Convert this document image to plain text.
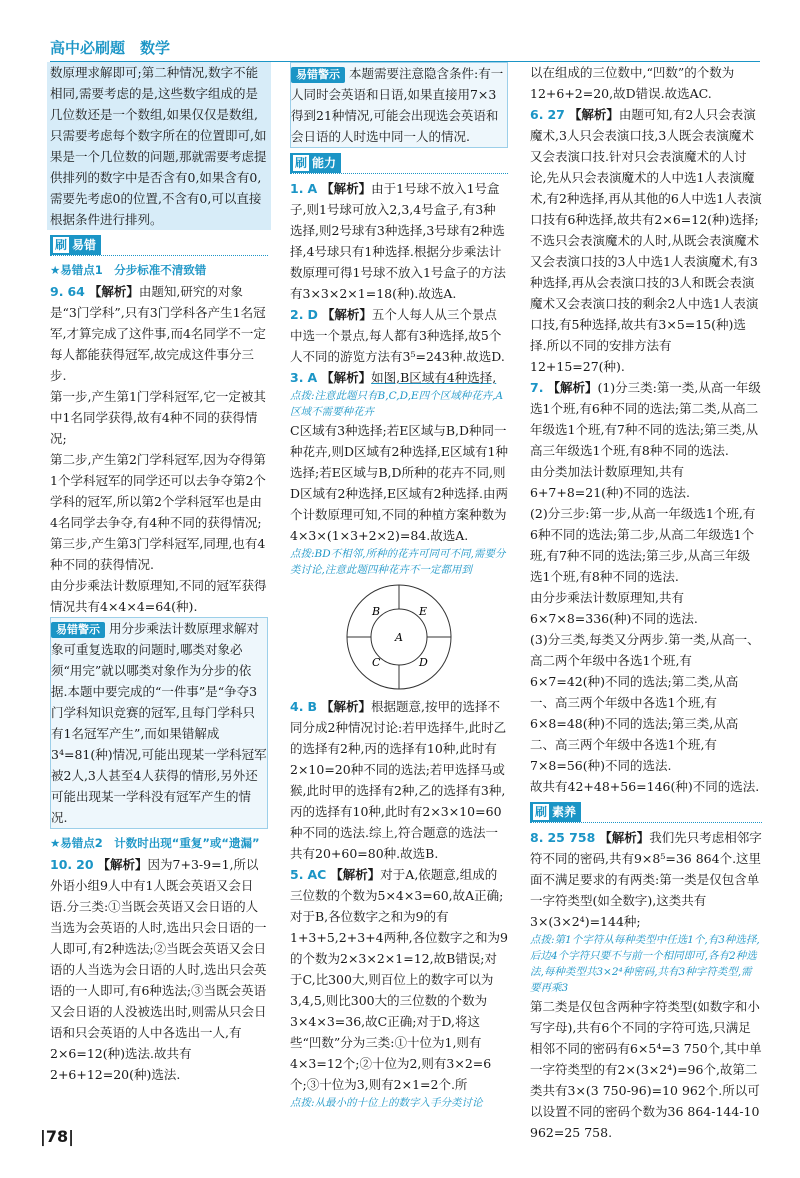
高中必刷题　数学

数原理求解即可;第二种情况,数字不能相同,需要考虑的是,这些数字组成的是几位数还是一个数组,如果仅仅是数组,只需要考虑每个数字所在的位置即可,如果是一个几位数的问题,那就需要考虑提供排列的数字中是否含有0,如果含有0,需要先考虑0的位置,不含有0,可以直接根据条件进行排列。

刷 易错

★易错点1　分步标准不清致错

9. 64 【解析】由题知,研究的对象是“3门学科”,只有3门学科各产生1名冠军,才算完成了这件事,而4名同学不一定每人都能获得冠军,故完成这件事分三步.

第一步,产生第1门学科冠军,它一定被其中1名同学获得,故有4种不同的获得情况;

第二步,产生第2门学科冠军,因为夺得第1个学科冠军的同学还可以去争夺第2个学科的冠军,所以第2个学科冠军也是由4名同学去争夺,有4种不同的获得情况;

第三步,产生第3门学科冠军,同理,也有4种不同的获得情况.

由分步乘法计数原理知,不同的冠军获得情况共有4×4×4=64(种).

易错警示 用分步乘法计数原理求解对象可重复选取的问题时,哪类对象必须“用完”就以哪类对象作为分步的依据.本题中要完成的“一件事”是“争夺3门学科知识竞赛的冠军,且每门学科只有1名冠军产生”,而如果错解成3⁴=81(种)情况,可能出现某一学科冠军被2人,3人甚至4人获得的情形,另外还可能出现某一学科没有冠军产生的情况.

★易错点2　计数时出现“重复”或“遗漏”

10. 20 【解析】因为7+3-9=1,所以外语小组9人中有1人既会英语又会日语.分三类:①当既会英语又会日语的人当选为会英语的人时,选出只会日语的一人即可,有2种选法;②当既会英语又会日语的人当选为会日语的人时,选出只会英语的一人即可,有6种选法;③当既会英语又会日语的人没被选出时,则需从只会日语和只会英语的人中各选出一人,有2×6=12(种)选法.故共有2+6+12=20(种)选法.

易错警示 本题需要注意隐含条件:有一人同时会英语和日语,如果直接用7×3得到21种情况,可能会出现选会英语和会日语的人时选中同一人的情况.

刷 能力

1. A 【解析】由于1号球不放入1号盒子,则1号球可放入2,3,4号盒子,有3种选择,则2号球有3种选择,3号球有2种选择,4号球只有1种选择.根据分步乘法计数原理可得1号球不放入1号盒子的方法有3×3×2×1=18(种).故选A.

2. D 【解析】五个人每人从三个景点中选一个景点,每人都有3种选择,故5个人不同的游览方法有3⁵=243种.故选D.

3. A 【解析】如图,B区域有4种选择,

点拨:注意此题只有B,C,D,E四个区域种花卉,A区域不需要种花卉

C区域有3种选择;若E区域与B,D种同一种花卉,则D区域有2种选择,E区域有1种选择;若E区域与B,D所种的花卉不同,则D区域有2种选择,E区域有2种选择.由两个计数原理可知,不同的种植方案种数为4×3×(1×3+2×2)=84.故选A.

点拨:BD不相邻,所种的花卉可同可不同,需要分类讨论,注意此题四种花卉不一定都用到

B	E
C	D
A

4. B 【解析】根据题意,按甲的选择不同分成2种情况讨论:若甲选择牛,此时乙的选择有2种,丙的选择有10种,此时有2×10=20种不同的选法;若甲选择马或猴,此时甲的选择有2种,乙的选择有3种,丙的选择有10种,此时有2×3×10=60种不同的选法.综上,符合题意的选法一共有20+60=80种.故选B.

5. AC 【解析】对于A,依题意,组成的三位数的个数为5×4×3=60,故A正确;对于B,各位数字之和为9的有1+3+5,2+3+4两种,各位数字之和为9的个数为2×3×2×1=12,故B错误;对于C,比300大,则百位上的数字可以为3,4,5,则比300大的三位数的个数为3×4×3=36,故C正确;对于D,将这些“凹数”分为三类:①十位为1,则有4×3=12个;②十位为2,则有3×2=6个;③十位为3,则有2×1=2个.所

点拨:从最小的十位上的数字入手分类讨论

以在组成的三位数中,“凹数”的个数为12+6+2=20,故D错误.故选AC.

6. 27 【解析】由题可知,有2人只会表演魔术,3人只会表演口技,3人既会表演魔术又会表演口技.针对只会表演魔术的人讨论,先从只会表演魔术的人中选1人表演魔术,有2种选择,再从其他的6人中选1人表演口技有6种选择,故共有2×6=12(种)选择;不选只会表演魔术的人时,从既会表演魔术又会表演口技的3人中选1人表演魔术,有3种选择,再从会表演口技的3人和既会表演魔术又会表演口技的剩余2人中选1人表演口技,有5种选择,故共有3×5=15(种)选择.所以不同的安排方法有12+15=27(种).

7. 【解析】(1)分三类:第一类,从高一年级选1个班,有6种不同的选法;第二类,从高二年级选1个班,有7种不同的选法;第三类,从高三年级选1个班,有8种不同的选法.

由分类加法计数原理知,共有6+7+8=21(种)不同的选法.

(2)分三步:第一步,从高一年级选1个班,有6种不同的选法;第二步,从高二年级选1个班,有7种不同的选法;第三步,从高三年级选1个班,有8种不同的选法.

由分步乘法计数原理知,共有6×7×8=336(种)不同的选法.

(3)分三类,每类又分两步.第一类,从高一、高二两个年级中各选1个班,有6×7=42(种)不同的选法;第二类,从高一、高三两个年级中各选1个班,有6×8=48(种)不同的选法;第三类,从高二、高三两个年级中各选1个班,有7×8=56(种)不同的选法.

故共有42+48+56=146(种)不同的选法.

刷 素养

8. 25 758 【解析】我们先只考虑相邻字符不同的密码,共有9×8⁵=36 864个.这里面不满足要求的有两类:第一类是仅包含单一字符类型(如全数字),这类共有3×(3×2⁴)=144种;

点拨:第1个字符从每种类型中任选1个,有3种选择,后边4个字符只要不与前一个相同即可,各有2种选法,每种类型共3×2⁴种密码,共有3种字符类型,需要再乘3

第二类是仅包含两种字符类型(如数字和小写字母),共有6个不同的字符可选,只满足相邻不同的密码有6×5⁴=3 750个,其中单一字符类型的有2×(3×2⁴)=96个,故第二类共有3×(3 750-96)=10 962个.所以可以设置不同的密码个数为36 864-144-10 962=25 758.

|78|
